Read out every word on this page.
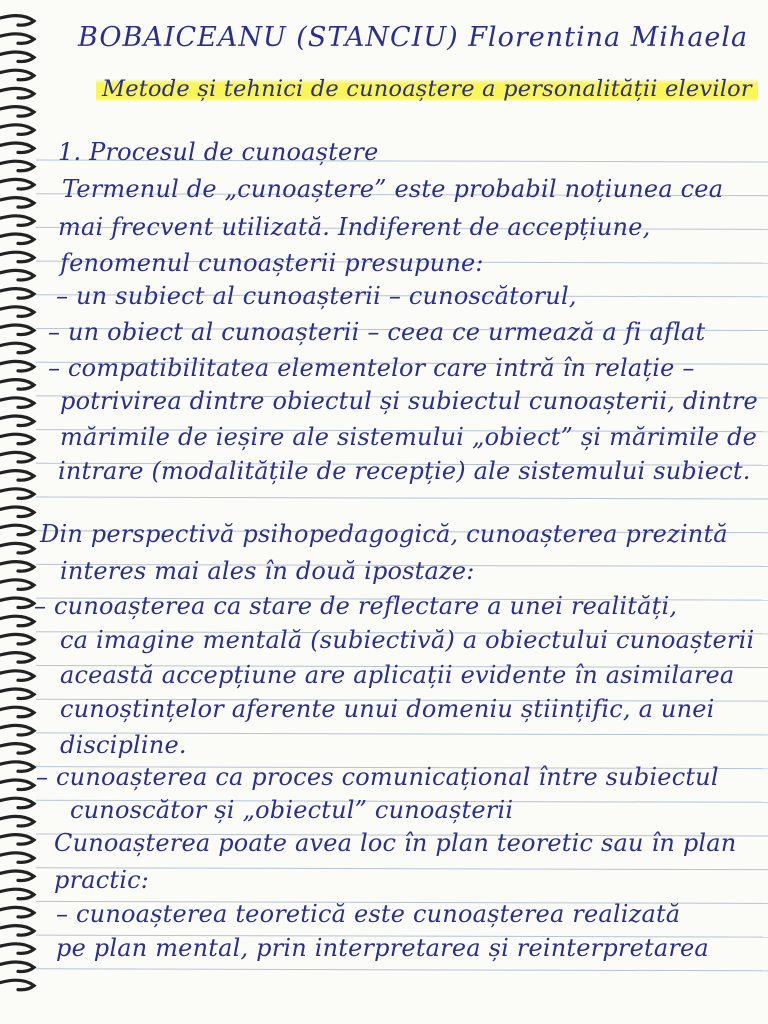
BOBAICEANU (STANCIU) Florentina Mihaela
Metode și tehnici de cunoaștere a personalității elevilor
1. Procesul de cunoaștere
Termenul de „cunoaștere” este probabil noțiunea cea
mai frecvent utilizată. Indiferent de accepțiune,
fenomenul cunoașterii presupune:
– un subiect al cunoașterii – cunoscătorul,
– un obiect al cunoașterii – ceea ce urmează a fi aflat
– compatibilitatea elementelor care intră în relație –
potrivirea dintre obiectul și subiectul cunoașterii, dintre
mărimile de ieșire ale sistemului „obiect” și mărimile de
intrare (modalitățile de recepție) ale sistemului subiect.
Din perspectivă psihopedagogică, cunoașterea prezintă
interes mai ales în două ipostaze:
– cunoașterea ca stare de reflectare a unei realități,
ca imagine mentală (subiectivă) a obiectului cunoașterii
această accepțiune are aplicații evidente în asimilarea
cunoștințelor aferente unui domeniu științific, a unei
discipline.
– cunoașterea ca proces comunicațional între subiectul
cunoscător și „obiectul” cunoașterii
Cunoașterea poate avea loc în plan teoretic sau în plan
practic:
– cunoașterea teoretică este cunoașterea realizată
pe plan mental, prin interpretarea și reinterpretarea
